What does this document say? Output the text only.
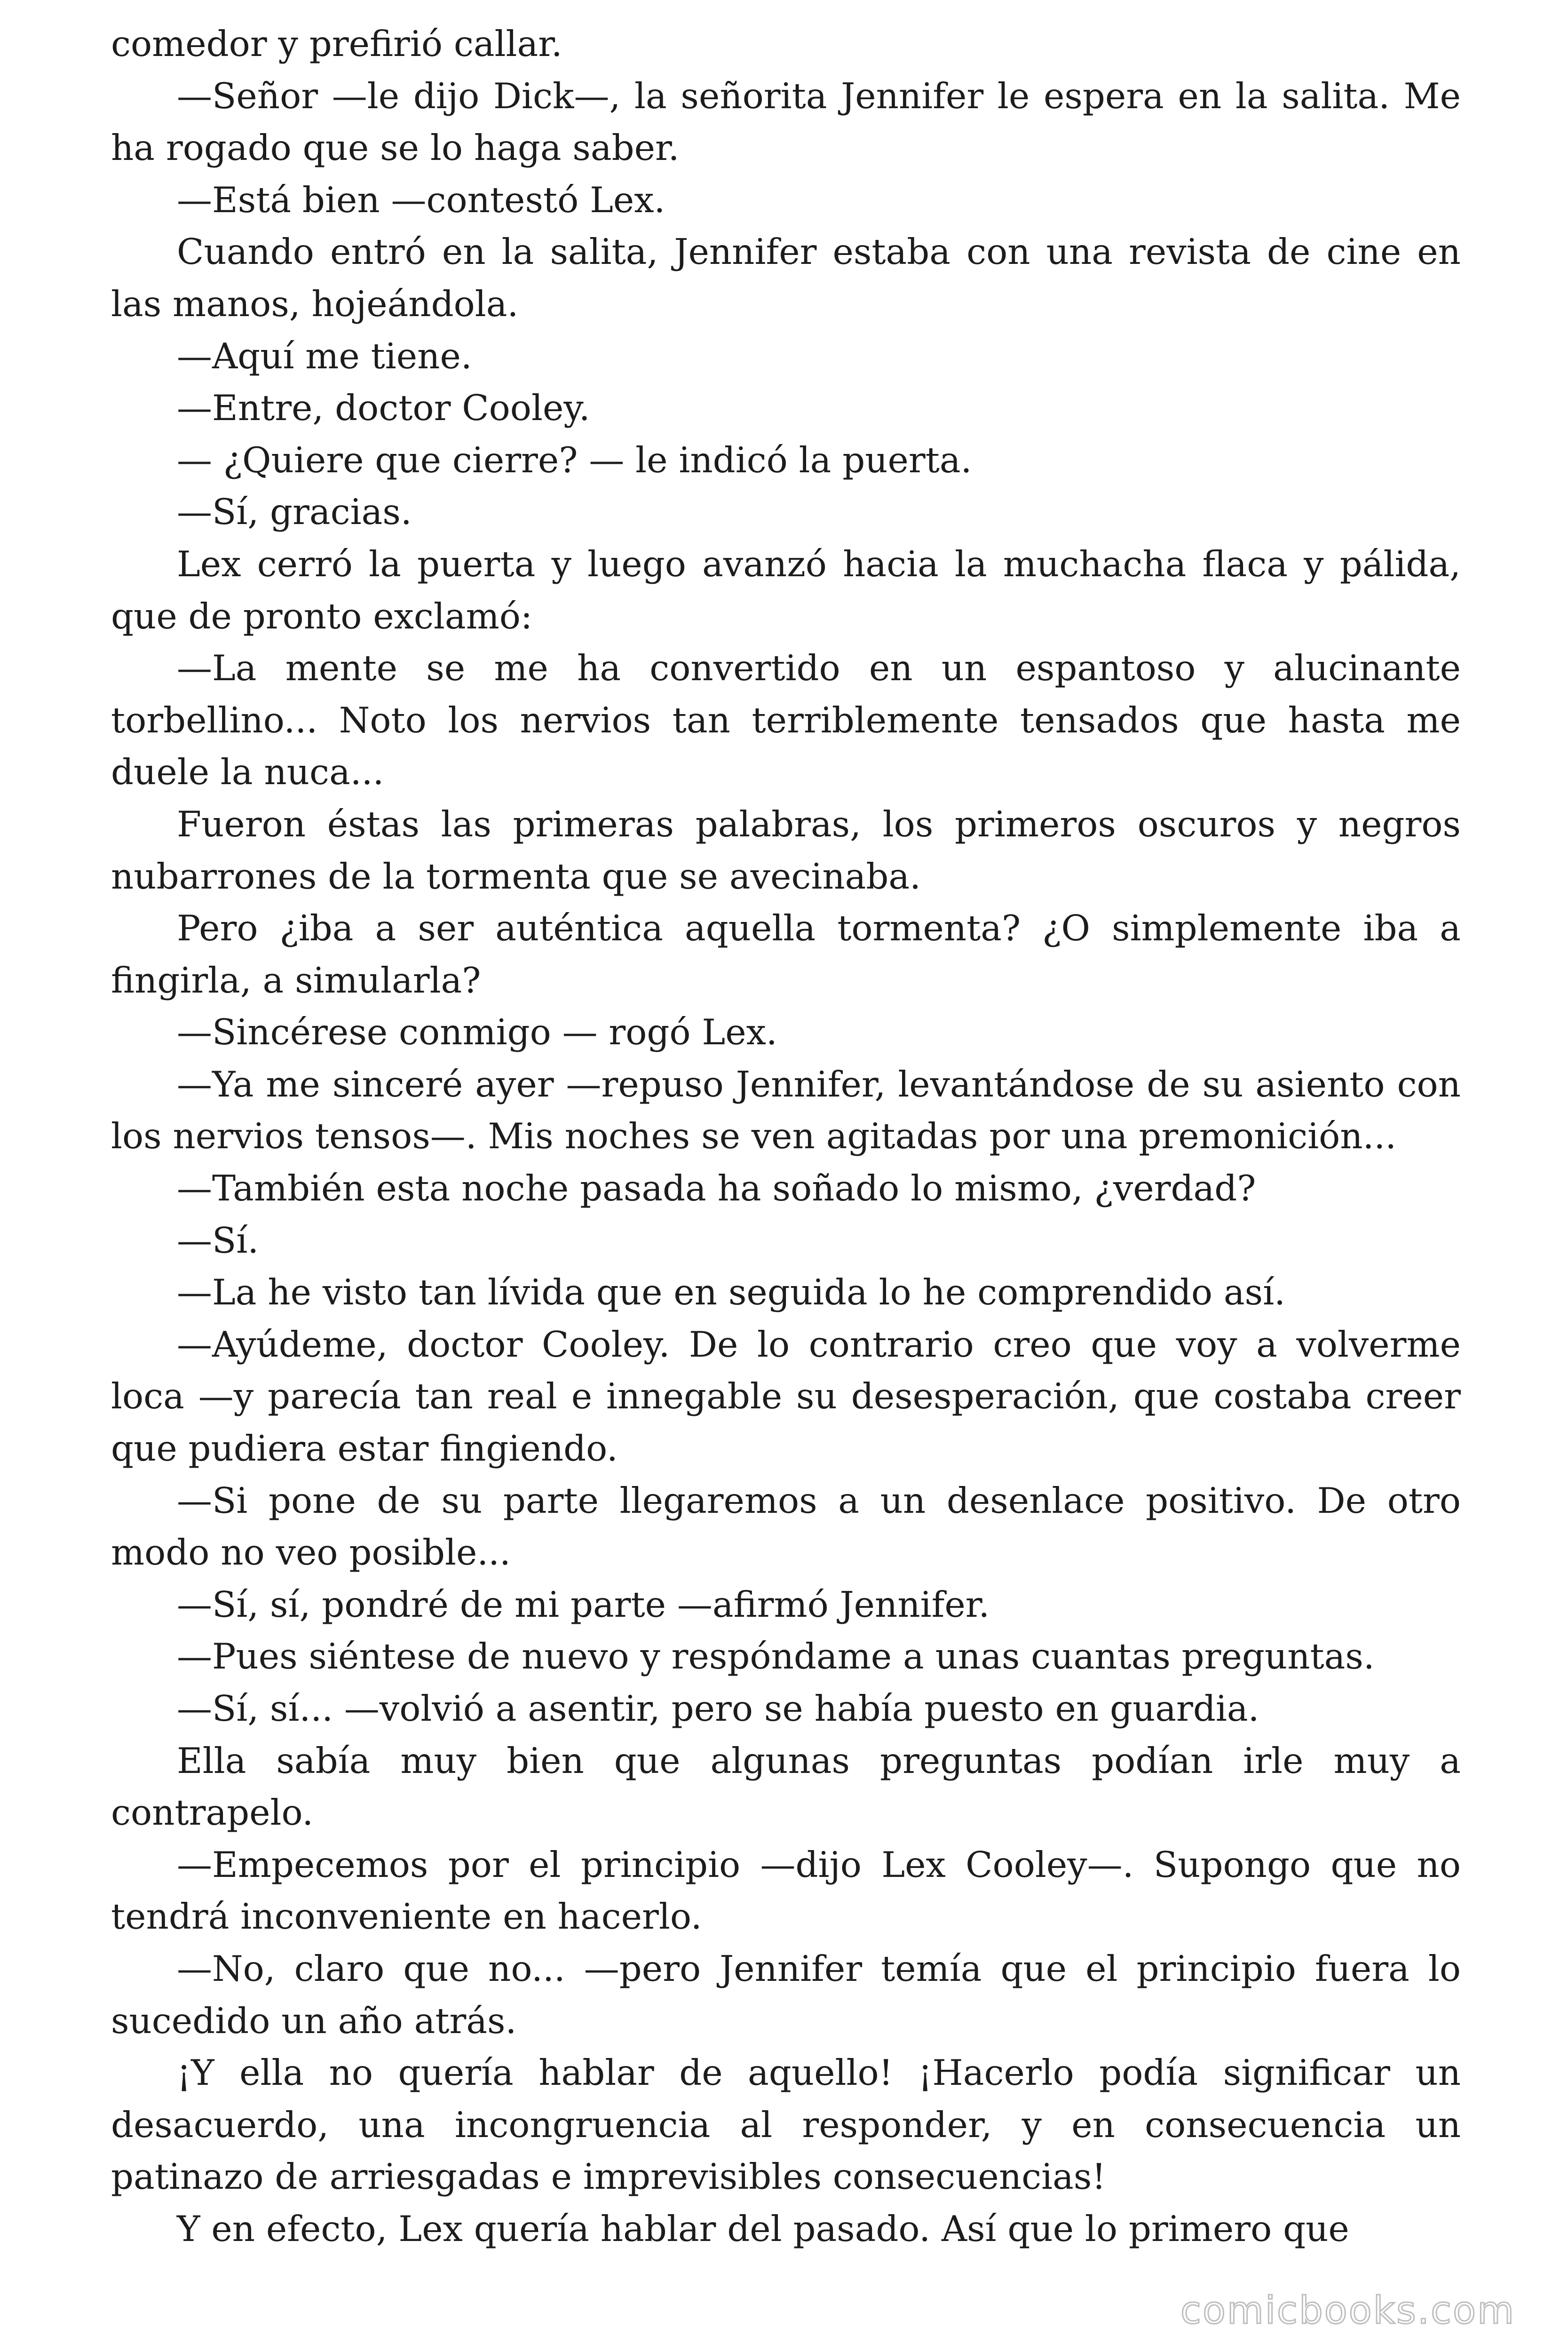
comedor y prefirió callar.

—Señor —le dijo Dick—, la señorita Jennifer le espera en la salita. Me ha rogado que se lo haga saber.

—Está bien —contestó Lex.

Cuando entró en la salita, Jennifer estaba con una revista de cine en las manos, hojeándola.

—Aquí me tiene.

—Entre, doctor Cooley.

— ¿Quiere que cierre? — le indicó la puerta.

—Sí, gracias.

Lex cerró la puerta y luego avanzó hacia la muchacha flaca y pálida, que de pronto exclamó:

—La mente se me ha convertido en un espantoso y alucinante torbellino... Noto los nervios tan terriblemente tensados que hasta me duele la nuca...

Fueron éstas las primeras palabras, los primeros oscuros y negros nubarrones de la tormenta que se avecinaba.

Pero ¿iba a ser auténtica aquella tormenta? ¿O simplemente iba a fingirla, a simularla?

—Sincérese conmigo — rogó Lex.

—Ya me sinceré ayer —repuso Jennifer, levantándose de su asiento con los nervios tensos—. Mis noches se ven agitadas por una premonición...

—También esta noche pasada ha soñado lo mismo, ¿verdad?

—Sí.

—La he visto tan lívida que en seguida lo he comprendido así.

—Ayúdeme, doctor Cooley. De lo contrario creo que voy a volverme loca —y parecía tan real e innegable su desesperación, que costaba creer que pudiera estar fingiendo.

—Si pone de su parte llegaremos a un desenlace positivo. De otro modo no veo posible...

—Sí, sí, pondré de mi parte —afirmó Jennifer.

—Pues siéntese de nuevo y respóndame a unas cuantas preguntas.

—Sí, sí... —volvió a asentir, pero se había puesto en guardia.

Ella sabía muy bien que algunas preguntas podían irle muy a contrapelo.

—Empecemos por el principio —dijo Lex Cooley—. Supongo que no tendrá inconveniente en hacerlo.

—No, claro que no... —pero Jennifer temía que el principio fuera lo sucedido un año atrás.

¡Y ella no quería hablar de aquello! ¡Hacerlo podía significar un desacuerdo, una incongruencia al responder, y en consecuencia un patinazo de arriesgadas e imprevisibles consecuencias!

Y en efecto, Lex quería hablar del pasado. Así que lo primero que

comicbooks.com
